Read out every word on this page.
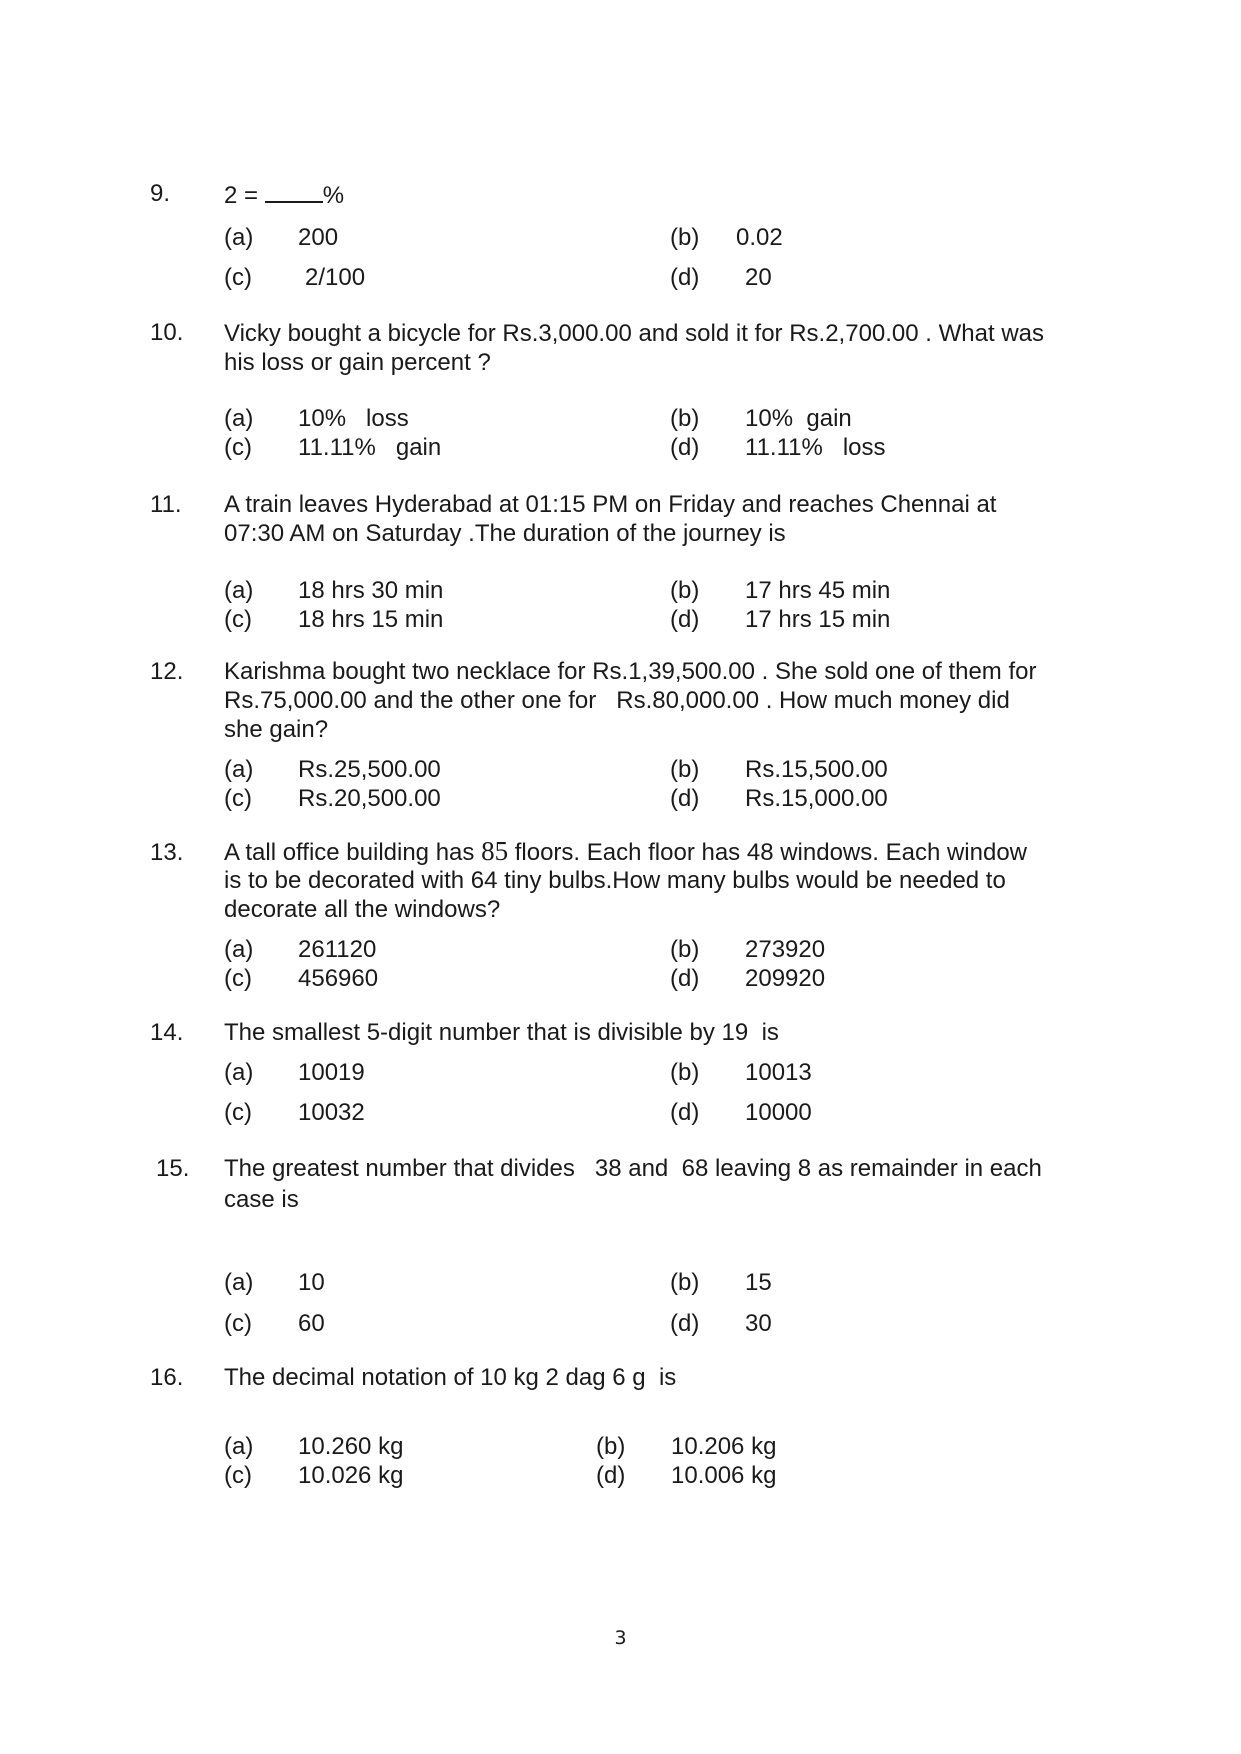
9. 2 = %
(a) 200	(b) 0.02
(c) 2/100	(d) 20
10. Vicky bought a bicycle for Rs.3,000.00 and sold it for Rs.2,700.00 . What was
his loss or gain percent ?
(a) 10%   loss	(b) 10%  gain
(c) 11.11%   gain	(d) 11.11%   loss
11. A train leaves Hyderabad at 01:15 PM on Friday and reaches Chennai at
07:30 AM on Saturday .The duration of the journey is
(a) 18 hrs 30 min	(b) 17 hrs 45 min
(c) 18 hrs 15 min	(d) 17 hrs 15 min
12. Karishma bought two necklace for Rs.1,39,500.00 . She sold one of them for
Rs.75,000.00 and the other one for   Rs.80,000.00 . How much money did
she gain?
(a) Rs.25,500.00	(b) Rs.15,500.00
(c) Rs.20,500.00	(d) Rs.15,000.00
13. A tall office building has 85 floors. Each floor has 48 windows. Each window
is to be decorated with 64 tiny bulbs.How many bulbs would be needed to
decorate all the windows?
(a) 261120	(b) 273920
(c) 456960	(d) 209920
14. The smallest 5-digit number that is divisible by 19  is
(a) 10019	(b) 10013
(c) 10032	(d) 10000
15. The greatest number that divides   38 and  68 leaving 8 as remainder in each
case is
(a) 10	(b) 15
(c) 60	(d) 30
16. The decimal notation of 10 kg 2 dag 6 g  is
(a) 10.260 kg	(b) 10.206 kg
(c) 10.026 kg	(d) 10.006 kg
3
